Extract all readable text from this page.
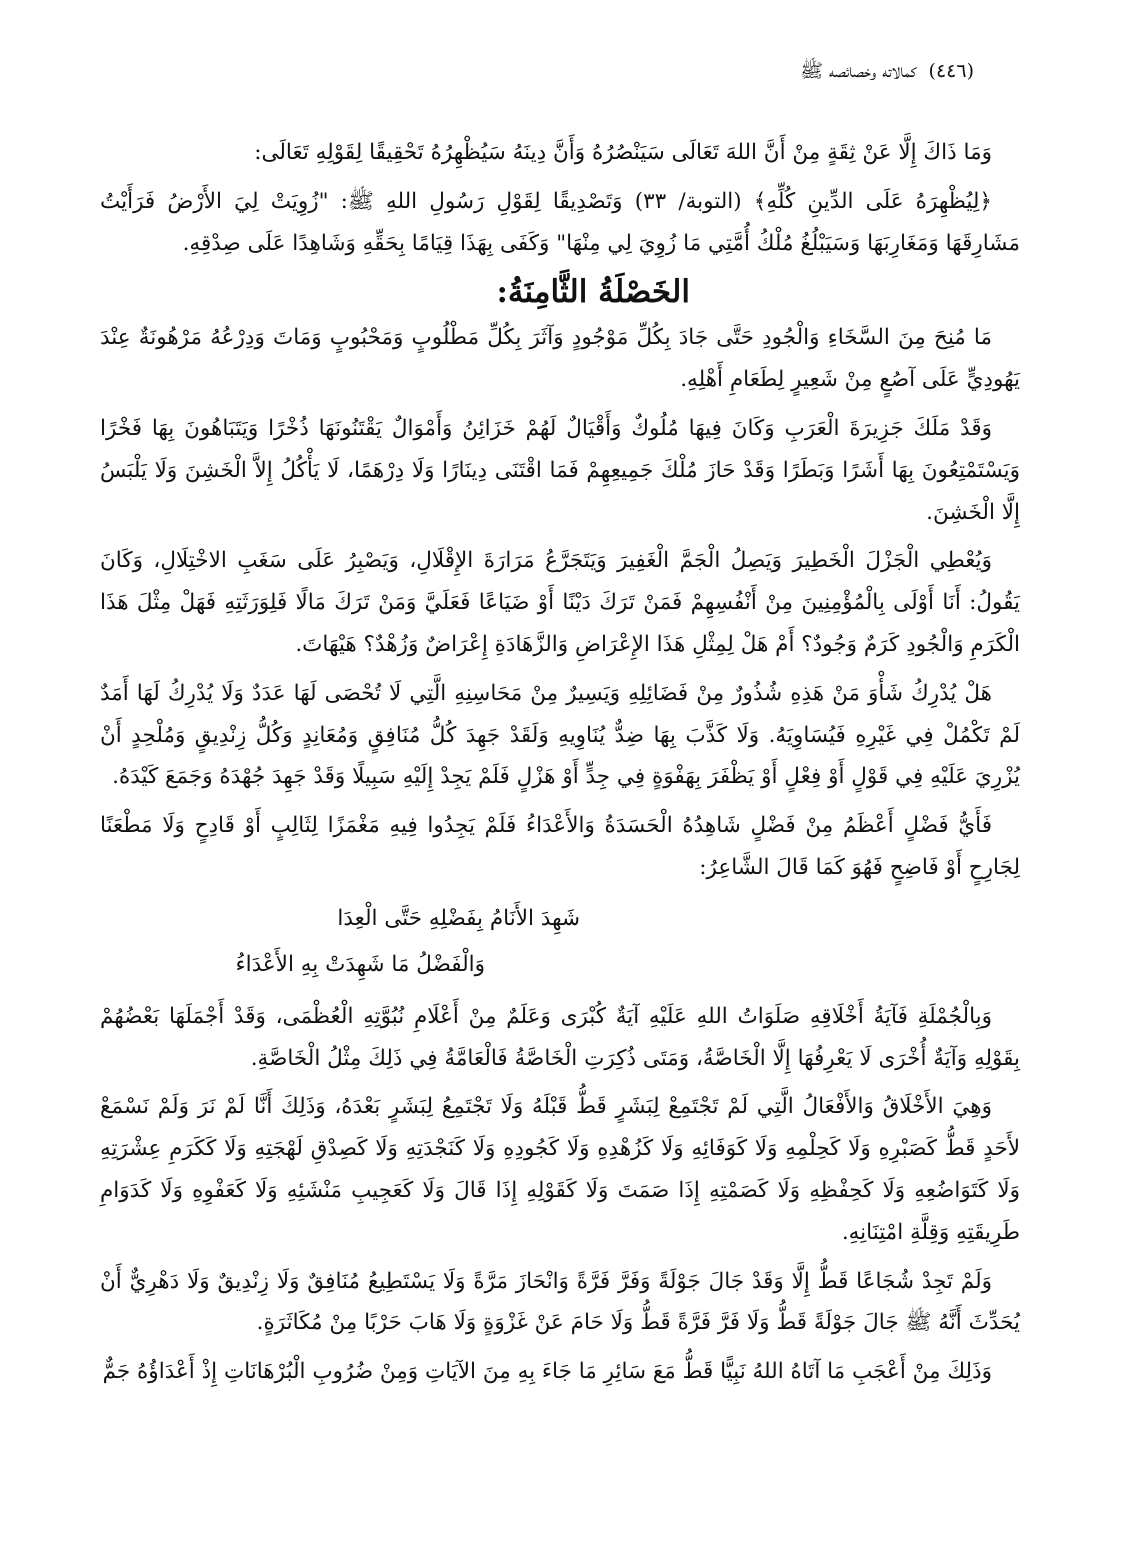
(٤٤٦) كمالاته وخصائصه ﷺ

وَمَا ذَاكَ إِلَّا عَنْ ثِقَةٍ مِنْ أَنَّ اللهَ تَعَالَى سَيَنْصُرُهُ وَأَنَّ دِينَهُ سَيُظْهِرُهُ تَحْقِيقًا لِقَوْلِهِ تَعَالَى:

﴿لِيُظْهِرَهُ عَلَى الدِّينِ كُلِّهِ﴾ (التوبة/ ٣٣) وَتَصْدِيقًا لِقَوْلِ رَسُولِ اللهِ ﷺ: "زُوِيَتْ لِيَ الأَرْضُ فَرَأَيْتُ مَشَارِقَهَا وَمَغَارِبَهَا وَسَيَبْلُغُ مُلْكُ أُمَّتِي مَا زُوِيَ لِي مِنْهَا" وَكَفَى بِهَذَا قِيَامًا بِحَقِّهِ وَشَاهِدًا عَلَى صِدْقِهِ.

الخَصْلَةُ الثَّامِنَةُ:

مَا مُنِحَ مِنَ السَّخَاءِ وَالْجُودِ حَتَّى جَادَ بِكُلِّ مَوْجُودٍ وَآثَرَ بِكُلِّ مَطْلُوبٍ وَمَحْبُوبٍ وَمَاتَ وَدِرْعُهُ مَرْهُونَةٌ عِنْدَ يَهُودِيٍّ عَلَى آصُعٍ مِنْ شَعِيرٍ لِطَعَامِ أَهْلِهِ.

وَقَدْ مَلَكَ جَزِيرَةَ الْعَرَبِ وَكَانَ فِيهَا مُلُوكٌ وَأَقْيَالٌ لَهُمْ خَزَائِنُ وَأَمْوَالٌ يَقْتَنُونَهَا ذُخْرًا وَيَتَبَاهُونَ بِهَا فَخْرًا وَيَسْتَمْتِعُونَ بِهَا أَشَرًا وَبَطَرًا وَقَدْ حَازَ مُلْكَ جَمِيعِهِمْ فَمَا اقْتَنَى دِينَارًا وَلَا دِرْهَمًا، لَا يَأْكُلُ إِلاَّ الْخَشِنَ وَلَا يَلْبَسُ إِلَّا الْخَشِنَ.

وَيُعْطِي الْجَزْلَ الْخَطِيرَ وَيَصِلُ الْجَمَّ الْغَفِيرَ وَيَتَجَرَّعُ مَرَارَةَ الإِقْلَالِ، وَيَصْبِرُ عَلَى سَغَبِ الاخْتِلَالِ، وَكَانَ يَقُولُ: أَنَا أَوْلَى بِالْمُؤْمِنِينَ مِنْ أَنْفُسِهِمْ فَمَنْ تَرَكَ دَيْنًا أَوْ ضَيَاعًا فَعَلَيَّ وَمَنْ تَرَكَ مَالًا فَلِوَرَثَتِهِ فَهَلْ مِثْلَ هَذَا الْكَرَمِ وَالْجُودِ كَرَمٌ وَجُودٌ؟ أَمْ هَلْ لِمِثْلِ هَذَا الإِعْرَاضِ وَالزَّهَادَةِ إِعْرَاضٌ وَزُهْدٌ؟ هَيْهَاتَ.

هَلْ يُدْرِكُ شَأْوَ مَنْ هَذِهِ شُذُورٌ مِنْ فَضَائِلِهِ وَيَسِيرٌ مِنْ مَحَاسِنِهِ الَّتِي لَا تُحْصَى لَهَا عَدَدٌ وَلَا يُدْرِكُ لَهَا أَمَدٌ لَمْ تَكْمُلْ فِي غَيْرِهِ فَيُسَاوِيَهُ. وَلَا كَذَّبَ بِهَا ضِدٌّ يُنَاوِيهِ وَلَقَدْ جَهِدَ كُلُّ مُنَافِقٍ وَمُعَانِدٍ وَكُلُّ زِنْدِيقٍ وَمُلْحِدٍ أَنْ يُزْرِيَ عَلَيْهِ فِي قَوْلٍ أَوْ فِعْلٍ أَوْ يَظْفَرَ بِهَفْوَةٍ فِي جِدٍّ أَوْ هَزْلٍ فَلَمْ يَجِدْ إِلَيْهِ سَبِيلًا وَقَدْ جَهِدَ جُهْدَهُ وَجَمَعَ كَيْدَهُ.

فَأَيُّ فَضْلٍ أَعْظَمُ مِنْ فَضْلٍ شَاهِدُهُ الْحَسَدَةُ وَالأَعْدَاءُ فَلَمْ يَجِدُوا فِيهِ مَغْمَزًا لِثَالِبٍ أَوْ قَادِحٍ وَلَا مَطْعَنًا لِجَارِحٍ أَوْ فَاضِحٍ فَهُوَ كَمَا قَالَ الشَّاعِرُ:

شَهِدَ الأَنَامُ بِفَضْلِهِ حَتَّى الْعِدَا

وَالْفَضْلُ مَا شَهِدَتْ بِهِ الأَعْدَاءُ

وَبِالْجُمْلَةِ فَآيَةُ أَخْلَاقِهِ صَلَوَاتُ اللهِ عَلَيْهِ آيَةٌ كُبْرَى وَعَلَمٌ مِنْ أَعْلَامِ نُبُوَّتِهِ الْعُظْمَى، وَقَدْ أَجْمَلَهَا بَعْضُهُمْ بِقَوْلِهِ وَآيَةٌ أُخْرَى لَا يَعْرِفُهَا إِلَّا الْخَاصَّةُ، وَمَتَى ذُكِرَتِ الْخَاصَّةُ فَالْعَامَّةُ فِي ذَلِكَ مِثْلُ الْخَاصَّةِ.

وَهِيَ الأَخْلَاقُ وَالأَفْعَالُ الَّتِي لَمْ تَجْتَمِعْ لِبَشَرٍ قَطُّ قَبْلَهُ وَلَا تَجْتَمِعُ لِبَشَرٍ بَعْدَهُ، وَذَلِكَ أَنَّا لَمْ نَرَ وَلَمْ نَسْمَعْ لأَحَدٍ قَطُّ كَصَبْرِهِ وَلَا كَحِلْمِهِ وَلَا كَوَفَائِهِ وَلَا كَزُهْدِهِ وَلَا كَجُودِهِ وَلَا كَنَجْدَتِهِ وَلَا كَصِدْقِ لَهْجَتِهِ وَلَا كَكَرَمِ عِشْرَتِهِ وَلَا كَتَوَاضُعِهِ وَلَا كَحِفْظِهِ وَلَا كَصَمْتِهِ إِذَا صَمَتَ وَلَا كَقَوْلِهِ إِذَا قَالَ وَلَا كَعَجِيبِ مَنْشَئِهِ وَلَا كَعَفْوِهِ وَلَا كَدَوَامِ طَرِيقَتِهِ وَقِلَّةِ امْتِنَانِهِ.

وَلَمْ تَجِدْ شُجَاعًا قَطُّ إِلَّا وَقَدْ جَالَ جَوْلَةً وَفَرَّ فَرَّةً وَانْحَازَ مَرَّةً وَلَا يَسْتَطِيعُ مُنَافِقٌ وَلَا زِنْدِيقٌ وَلَا دَهْرِيٌّ أَنْ يُحَدِّثَ أَنَّهُ ﷺ جَالَ جَوْلَةً قَطُّ وَلَا فَرَّ فَرَّةً قَطُّ وَلَا حَامَ عَنْ غَزْوَةٍ وَلَا هَابَ حَرْبًا مِنْ مُكَاثَرَةٍ.

وَذَلِكَ مِنْ أَعْجَبِ مَا آتَاهُ اللهُ نَبِيًّا قَطُّ مَعَ سَائِرِ مَا جَاءَ بِهِ مِنَ الآيَاتِ وَمِنْ ضُرُوبِ الْبُرْهَانَاتِ إِذْ أَعْدَاؤُهُ جَمٌّ
